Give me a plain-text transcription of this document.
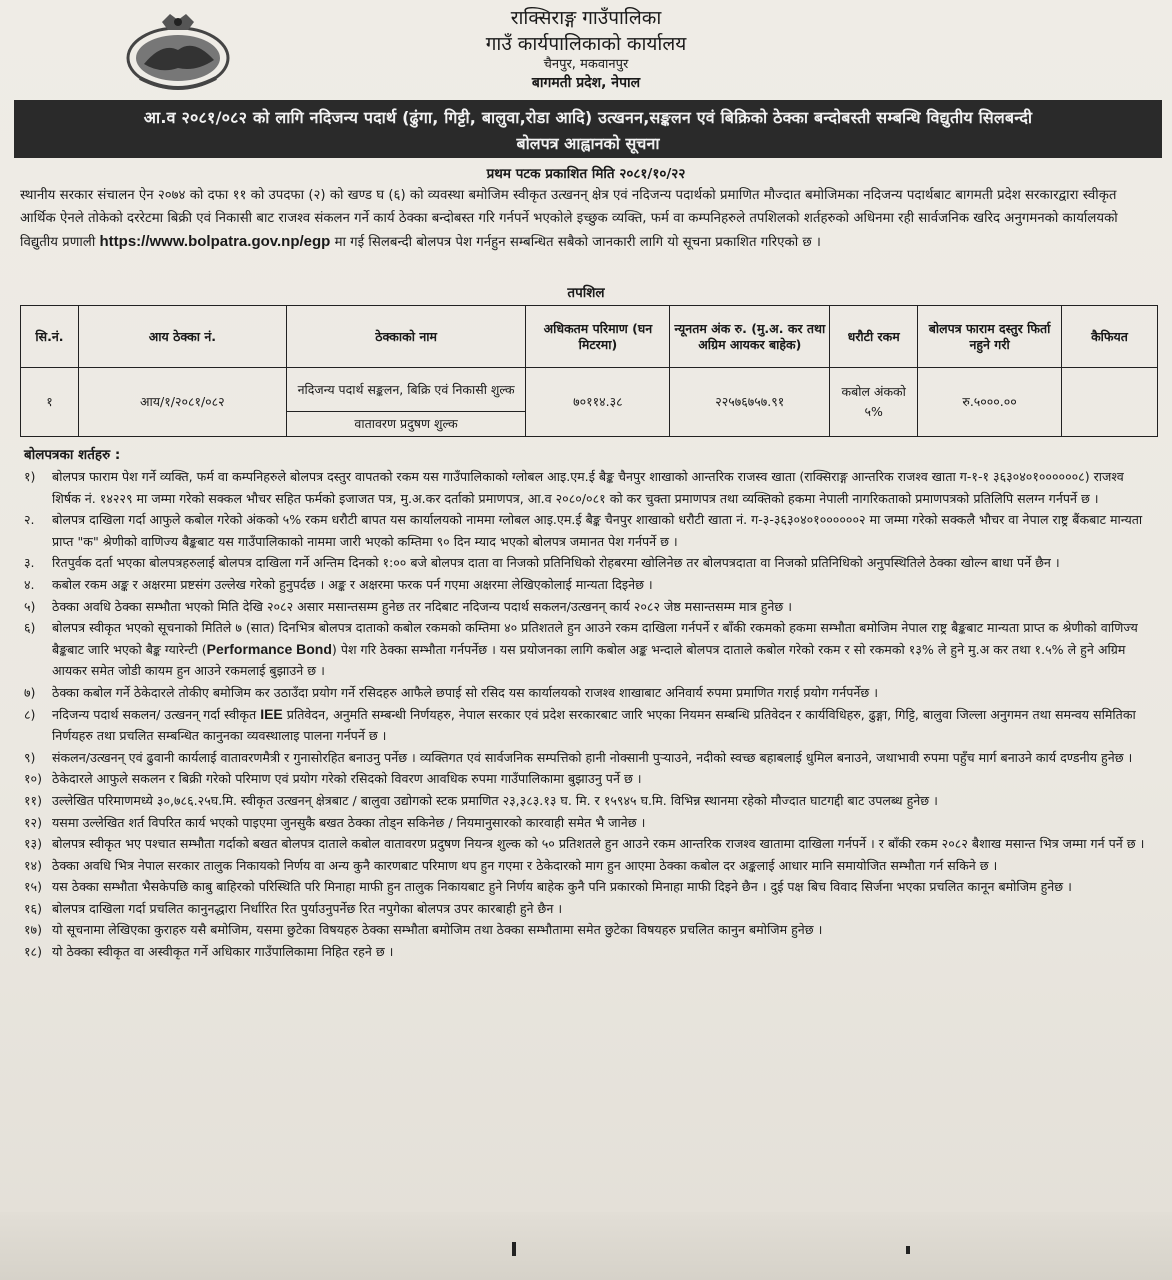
राक्सिराङ्ग गाउँपालिका
गाउँ कार्यपालिकाको कार्यालय
चैनपुर, मकवानपुर
बागमती प्रदेश, नेपाल
आ.व २०८१/०८२ को लागि नदिजन्य पदार्थ (ढुंगा, गिट्टी, बालुवा,रोडा आदि) उत्खनन,सङ्कलन एवं बिक्रिको ठेक्का बन्दोबस्ती सम्बन्धि विद्युतीय सिलबन्दी
बोलपत्र आह्वानको सूचना
प्रथम पटक प्रकाशित मिति २०८१/१०/२२
स्थानीय सरकार संचालन ऐन २०७४ को दफा ११ को उपदफा (२) को खण्ड घ (६) को व्यवस्था बमोजिम स्वीकृत उत्खनन् क्षेत्र एवं नदिजन्य पदार्थको प्रमाणित मौज्दात बमोजिमका नदिजन्य पदार्थबाट बागमती प्रदेश सरकारद्वारा स्वीकृत आर्थिक ऐनले तोकेको दररेटमा बिक्री एवं निकासी बाट राजश्व संकलन गर्ने कार्य ठेक्का बन्दोबस्त गरि गर्नपर्ने भएकोले इच्छुक व्यक्ति, फर्म वा कम्पनिहरुले तपशिलको शर्तहरुको अधिनमा रही सार्वजनिक खरिद अनुगमनको कार्यालयको विद्युतीय प्रणाली https://www.bolpatra.gov.np/egp मा गई सिलबन्दी बोलपत्र पेश गर्नहुन सम्बन्धित सबैको जानकारी लागि यो सूचना प्रकाशित गरिएको छ ।
तपशिल
सि.नं.	आय ठेक्का नं.	ठेक्काको नाम	अधिकतम परिमाण (घन मिटरमा)	न्यूनतम अंक रु. (मु.अ. कर तथा अग्रिम आयकर बाहेक)	धरौटी रकम	बोलपत्र फाराम दस्तुर फिर्ता नहुने गरी	कैफियत
१	आय/१/२०८१/०८२	नदिजन्य पदार्थ सङ्कलन, बिक्रि एवं निकासी शुल्क	७०११४.३८	२२५७६७५७.९१	कबोल अंकको ५%	रु.५०००.००	
		वातावरण प्रदुषण शुल्क					
बोलपत्रका शर्तहरु :
१)	बोलपत्र फाराम पेश गर्ने व्यक्ति, फर्म वा कम्पनिहरुले बोलपत्र दस्तुर वापतको रकम यस गाउँपालिकाको ग्लोबल आइ.एम.ई बैङ्क चैनपुर शाखाको आन्तरिक राजस्व खाता (राक्सिराङ्ग आन्तरिक राजश्व खाता ग-१-१ ३६३०४०१००००००८) राजश्व शिर्षक नं. १४२२९ मा जम्मा गरेको सक्कल भौचर सहित फर्मको इजाजत पत्र, मु.अ.कर दर्ताको प्रमाणपत्र, आ.व २०८०/०८१ को कर चुक्ता प्रमाणपत्र तथा व्यक्तिको हकमा नेपाली नागरिकताको प्रमाणपत्रको प्रतिलिपि सलग्न गर्नपर्ने छ ।
२.	बोलपत्र दाखिला गर्दा आफुले कबोल गरेको अंकको ५% रकम धरौटी बापत यस कार्यालयको नाममा ग्लोबल आइ.एम.ई बैङ्क चैनपुर शाखाको धरौटी खाता नं. ग-३-३६३०४०१००००००२ मा जम्मा गरेको सक्कलै भौचर वा नेपाल राष्ट्र बैंकबाट मान्यता प्राप्त "क" श्रेणीको वाणिज्य बैङ्कबाट यस गाउँपालिकाको नाममा जारी भएको कम्तिमा ९० दिन म्याद भएको बोलपत्र जमानत पेश गर्नपर्ने छ ।
३.	रितपुर्वक दर्ता भएका बोलपत्रहरुलाई बोलपत्र दाखिला गर्ने अन्तिम दिनको १:०० बजे बोलपत्र दाता वा निजको प्रतिनिधिको रोहबरमा खोलिनेछ तर बोलपत्रदाता वा निजको प्रतिनिधिको अनुपस्थितिले ठेक्का खोल्न बाधा पर्ने छैन ।
४.	कबोल रकम अङ्क र अक्षरमा प्रष्टसंग उल्लेख गरेको हुनुपर्दछ । अङ्क र अक्षरमा फरक पर्न गएमा अक्षरमा लेखिएकोलाई मान्यता दिइनेछ ।
५)	ठेक्का अवधि ठेक्का सम्भौता भएको मिति देखि २०८२ असार मसान्तसम्म हुनेछ तर नदिबाट नदिजन्य पदार्थ सकलन/उत्खनन् कार्य २०८२ जेष्ठ मसान्तसम्म मात्र हुनेछ ।
६)	बोलपत्र स्वीकृत भएको सूचनाको मितिले ७ (सात) दिनभित्र बोलपत्र दाताको कबोल रकमको कम्तिमा ४० प्रतिशतले हुन आउने रकम दाखिला गर्नपर्ने र बाँकी रकमको हकमा सम्भौता बमोजिम नेपाल राष्ट्र बैङ्कबाट मान्यता प्राप्त क श्रेणीको वाणिज्य बैङ्कबाट जारि भएको बैङ्क ग्यारेन्टी (Performance Bond) पेश गरि ठेक्का सम्भौता गर्नपर्नेछ । यस प्रयोजनका लागि कबोल अङ्क भन्दाले बोलपत्र दाताले कबोल गरेको रकम र सो रकमको १३% ले हुने मु.अ कर तथा १.५% ले हुने अग्रिम आयकर समेत जोडी कायम हुन आउने रकमलाई बुझाउने छ ।
७)	ठेक्का कबोल गर्ने ठेकेदारले तोकीए बमोजिम कर उठाउँदा प्रयोग गर्ने रसिदहरु आफैले छपाई सो रसिद यस कार्यालयको राजश्व शाखाबाट अनिवार्य रुपमा प्रमाणित गराई प्रयोग गर्नपर्नेछ ।
८)	नदिजन्य पदार्थ सकलन/ उत्खनन् गर्दा स्वीकृत IEE प्रतिवेदन, अनुमति सम्बन्धी निर्णयहरु, नेपाल सरकार एवं प्रदेश सरकारबाट जारि भएका नियमन सम्बन्धि प्रतिवेदन र कार्यविधिहरु, ढुङ्गा, गिट्टि, बालुवा जिल्ला अनुगमन तथा समन्वय समितिका निर्णयहरु तथा प्रचलित सम्बन्धित कानुनका व्यवस्थालाइ पालना गर्नपर्ने छ ।
९)	संकलन/उत्खनन् एवं ढुवानी कार्यलाई वातावरणमैत्री र गुनासोरहित बनाउनु पर्नेछ । व्यक्तिगत एवं सार्वजनिक सम्पत्तिको हानी नोक्सानी पुऱ्याउने, नदीको स्वच्छ बहाबलाई धुमिल बनाउने, जथाभावी रुपमा पहुँच मार्ग बनाउने कार्य दण्डनीय हुनेछ ।
१०) ठेकेदारले आफुले सकलन र बिक्री गरेको परिमाण एवं प्रयोग गरेको रसिदको विवरण आवधिक रुपमा गाउँपालिकामा बुझाउनु पर्ने छ ।
११) उल्लेखित परिमाणमध्ये ३०,७८६.२५घ.मि. स्वीकृत उत्खनन् क्षेत्रबाट / बालुवा उद्योगको स्टक प्रमाणित २३,३८३.१३ घ. मि. र १५९४५ घ.मि. विभिन्न स्थानमा रहेको मौज्दात घाटगद्दी बाट उपलब्ध हुनेछ ।
१२) यसमा उल्लेखित शर्त विपरित कार्य भएको पाइएमा जुनसुकै बखत ठेक्का तोड्न सकिनेछ / नियमानुसारको कारवाही समेत भै जानेछ ।
१३) बोलपत्र स्वीकृत भए पश्चात सम्भौता गर्दाको बखत बोलपत्र दाताले कबोल वातावरण प्रदुषण नियन्त्र शुल्क को ५० प्रतिशतले हुन आउने रकम आन्तरिक राजश्व खातामा दाखिला गर्नपर्ने । र बाँकी रकम २०८२ बैशाख मसान्त भित्र जम्मा गर्न पर्ने छ ।
१४) ठेक्का अवधि भित्र नेपाल सरकार तालुक निकायको निर्णय वा अन्य कुनै कारणबाट परिमाण थप हुन गएमा र ठेकेदारको माग हुन आएमा ठेक्का कबोल दर अङ्कलाई आधार मानि समायोजित सम्भौता गर्न सकिने छ ।
१५) यस ठेक्का सम्भौता भैसकेपछि काबु बाहिरको परिस्थिति परि मिनाहा माफी हुन तालुक निकायबाट हुने निर्णय बाहेक कुनै पनि प्रकारको मिनाहा माफी दिइने छैन । दुई पक्ष बिच विवाद सिर्जना भएका प्रचलित कानून बमोजिम हुनेछ ।
१६) बोलपत्र दाखिला गर्दा प्रचलित कानुनद्धारा निर्धारित रित पुर्याउनुपर्नेछ रित नपुगेका बोलपत्र उपर कारबाही हुने छैन ।
१७) यो सूचनामा लेखिएका कुराहरु यसै बमोजिम, यसमा छुटेका विषयहरु ठेक्का सम्भौता बमोजिम तथा ठेक्का सम्भौतामा समेत छुटेका विषयहरु प्रचलित कानुन बमोजिम हुनेछ ।
१८) यो ठेक्का स्वीकृत वा अस्वीकृत गर्ने अधिकार गाउँपालिकामा निहित रहने छ ।
